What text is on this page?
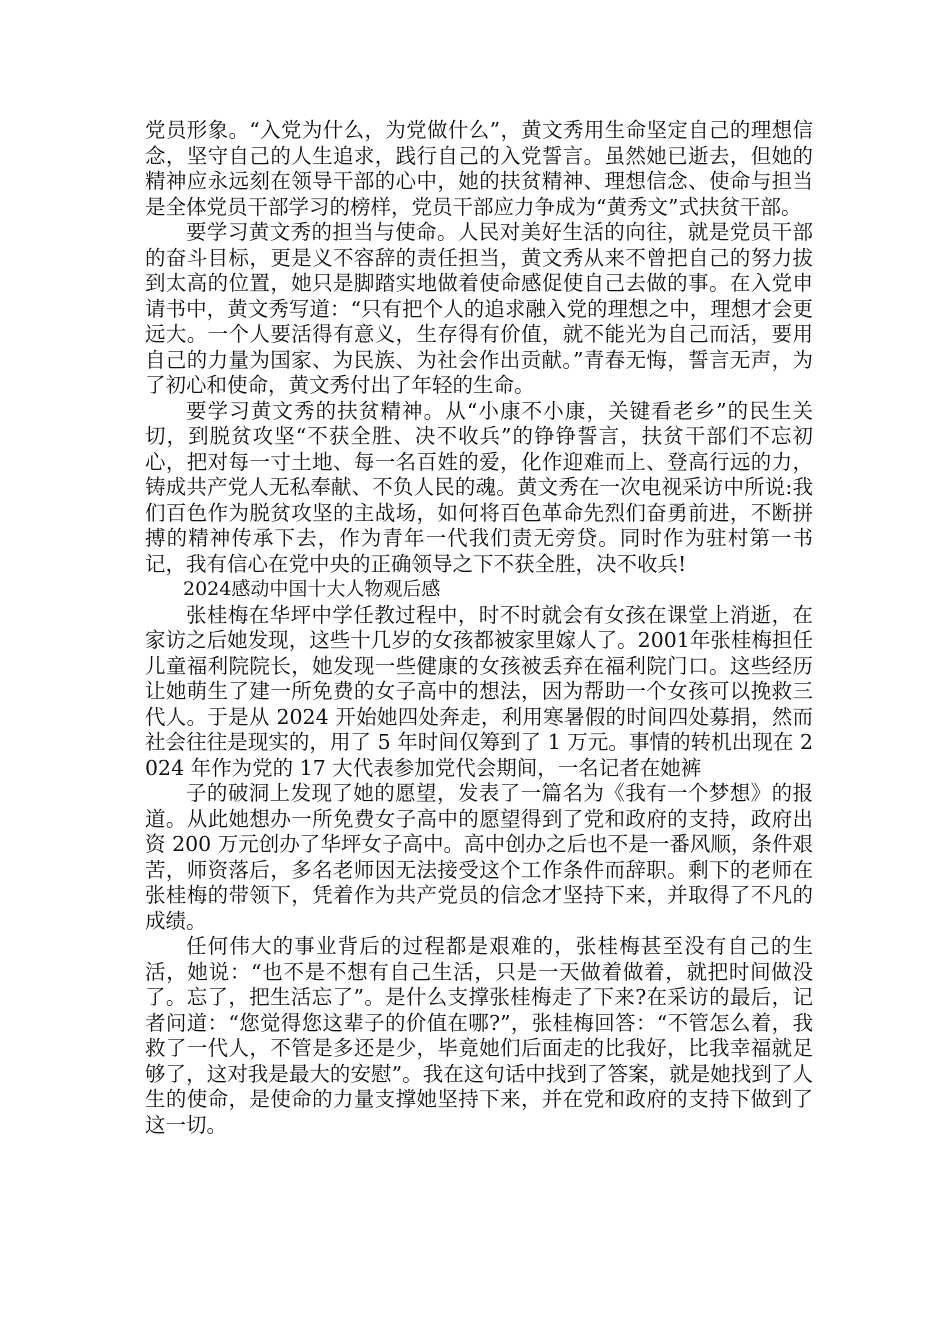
党员形象。“入党为什么，为党做什么”，黄文秀用生命坚定自己的理想信念，坚守自己的人生追求，践行自己的入党誓言。虽然她已逝去，但她的精神应永远刻在领导干部的心中，她的扶贫精神、理想信念、使命与担当是全体党员干部学习的榜样，党员干部应力争成为“黄秀文”式扶贫干部。

要学习黄文秀的担当与使命。人民对美好生活的向往，就是党员干部的奋斗目标，更是义不容辞的责任担当，黄文秀从来不曾把自己的努力拔到太高的位置，她只是脚踏实地做着使命感促使自己去做的事。在入党申请书中，黄文秀写道：“只有把个人的追求融入党的理想之中，理想才会更远大。一个人要活得有意义，生存得有价值，就不能光为自己而活，要用自己的力量为国家、为民族、为社会作出贡献。”青春无悔，誓言无声，为了初心和使命，黄文秀付出了年轻的生命。

要学习黄文秀的扶贫精神。从“小康不小康，关键看老乡”的民生关切，到脱贫攻坚“不获全胜、决不收兵”的铮铮誓言，扶贫干部们不忘初心，把对每一寸土地、每一名百姓的爱，化作迎难而上、登高行远的力，铸成共产党人无私奉献、不负人民的魂。黄文秀在一次电视采访中所说:我们百色作为脱贫攻坚的主战场，如何将百色革命先烈们奋勇前进，不断拼搏的精神传承下去，作为青年一代我们责无旁贷。同时作为驻村第一书记，我有信心在党中央的正确领导之下不获全胜，决不收兵!

2024感动中国十大人物观后感

张桂梅在华坪中学任教过程中，时不时就会有女孩在课堂上消逝，在家访之后她发现，这些十几岁的女孩都被家里嫁人了。2001年张桂梅担任儿童福利院院长，她发现一些健康的女孩被丢弃在福利院门口。这些经历让她萌生了建一所免费的女子高中的想法，因为帮助一个女孩可以挽救三代人。于是从 2024 开始她四处奔走，利用寒暑假的时间四处募捐，然而社会往往是现实的，用了 5 年时间仅筹到了 1 万元。事情的转机出现在 2024 年作为党的 17 大代表参加党代会期间，一名记者在她裤

子的破洞上发现了她的愿望，发表了一篇名为《我有一个梦想》的报道。从此她想办一所免费女子高中的愿望得到了党和政府的支持，政府出资 200 万元创办了华坪女子高中。高中创办之后也不是一番风顺，条件艰苦，师资落后，多名老师因无法接受这个工作条件而辞职。剩下的老师在张桂梅的带领下，凭着作为共产党员的信念才坚持下来，并取得了不凡的成绩。

任何伟大的事业背后的过程都是艰难的，张桂梅甚至没有自己的生活，她说：“也不是不想有自己生活，只是一天做着做着，就把时间做没了。忘了，把生活忘了”。是什么支撑张桂梅走了下来?在采访的最后，记者问道：“您觉得您这辈子的价值在哪?”，张桂梅回答：“不管怎么着，我救了一代人，不管是多还是少，毕竟她们后面走的比我好，比我幸福就足够了，这对我是最大的安慰”。我在这句话中找到了答案，就是她找到了人生的使命，是使命的力量支撑她坚持下来，并在党和政府的支持下做到了这一切。
